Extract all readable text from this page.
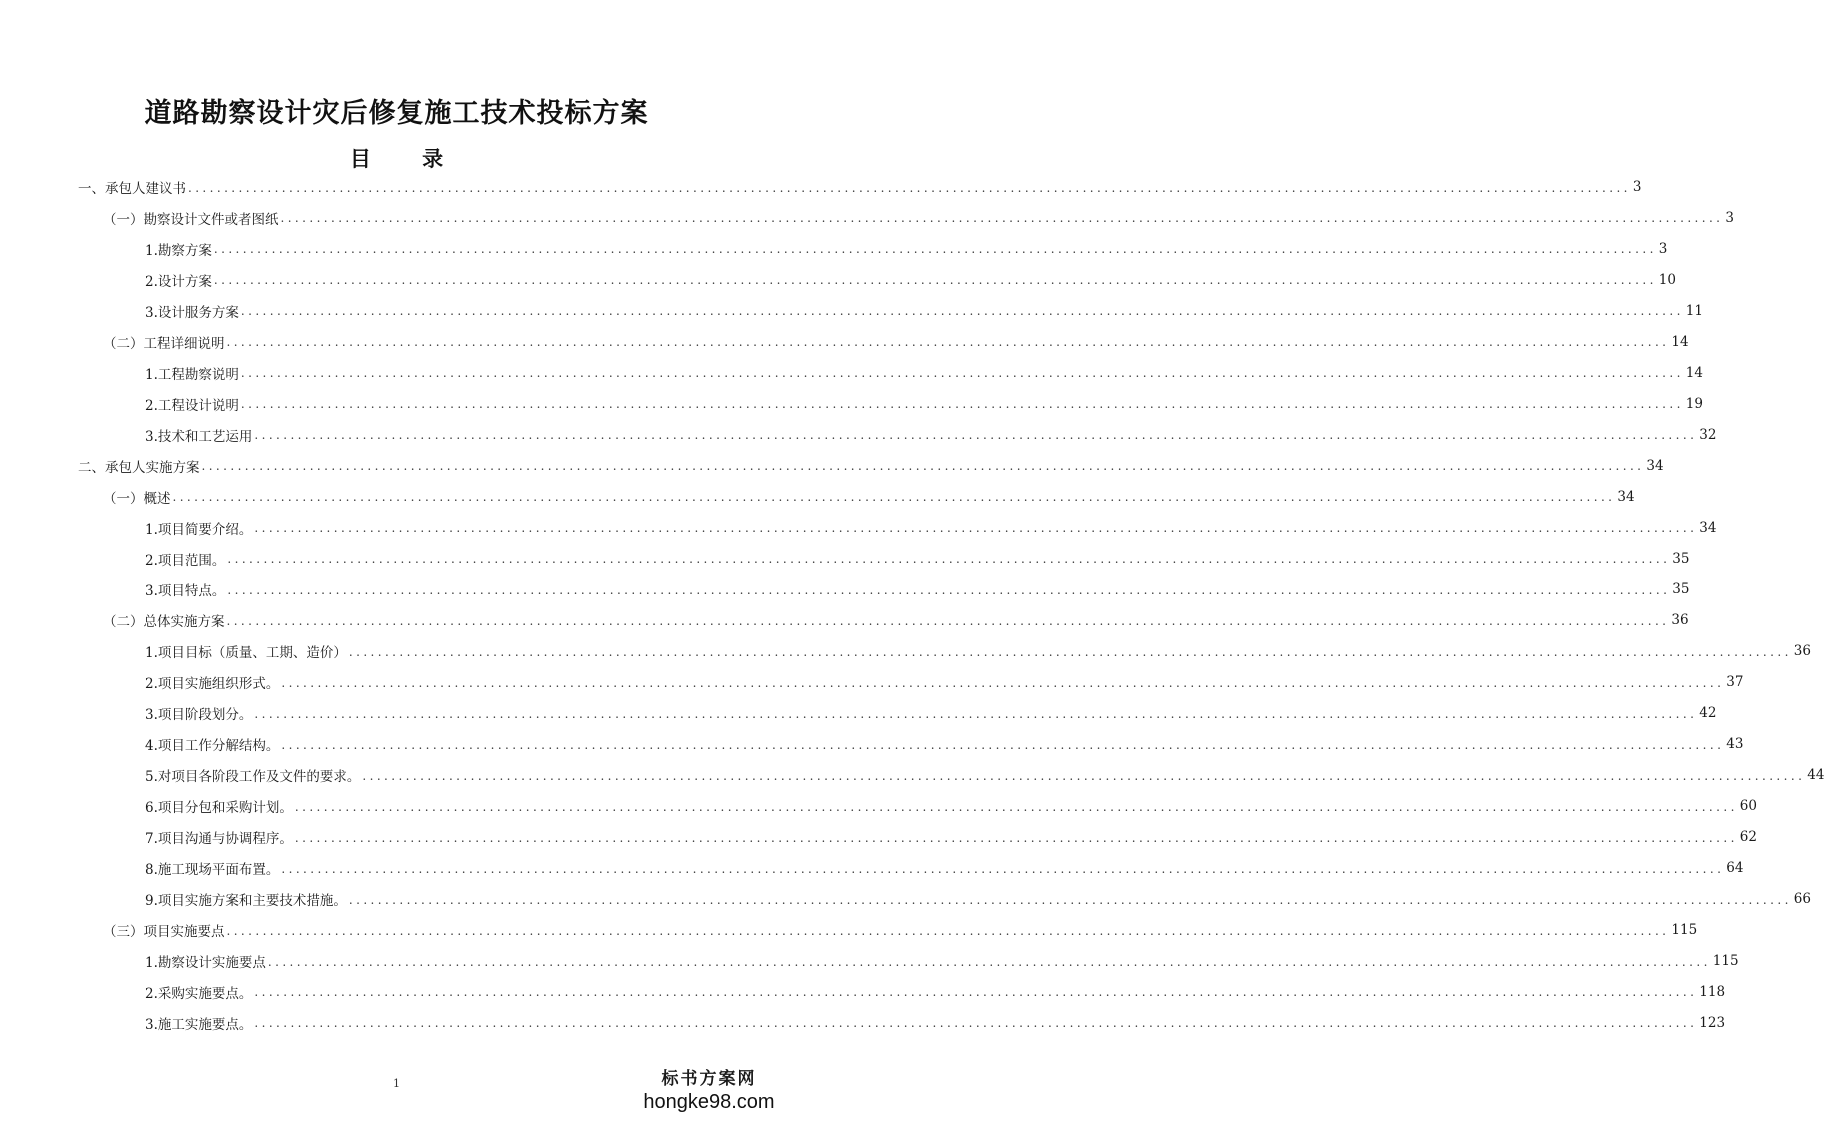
道路勘察设计灾后修复施工技术投标方案
目 录
一、承包人建议书 ........................................................................................................................................................................................................ 3
（一）勘察设计文件或者图纸 ........................................................................................................................................................................................................ 3
1.勘察方案 ........................................................................................................................................................................................................ 3
2.设计方案 ........................................................................................................................................................................................................ 10
3.设计服务方案 ........................................................................................................................................................................................................ 11
（二）工程详细说明 ........................................................................................................................................................................................................ 14
1.工程勘察说明 ........................................................................................................................................................................................................ 14
2.工程设计说明 ........................................................................................................................................................................................................ 19
3.技术和工艺运用 ........................................................................................................................................................................................................ 32
二、承包人实施方案 ........................................................................................................................................................................................................ 34
（一）概述 ........................................................................................................................................................................................................ 34
1.项目简要介绍。 ........................................................................................................................................................................................................ 34
2.项目范围。 ........................................................................................................................................................................................................ 35
3.项目特点。 ........................................................................................................................................................................................................ 35
（二）总体实施方案 ........................................................................................................................................................................................................ 36
1.项目目标（质量、工期、造价） ........................................................................................................................................................................................................ 36
2.项目实施组织形式。 ........................................................................................................................................................................................................ 37
3.项目阶段划分。 ........................................................................................................................................................................................................ 42
4.项目工作分解结构。 ........................................................................................................................................................................................................ 43
5.对项目各阶段工作及文件的要求。 ........................................................................................................................................................................................................ 44
6.项目分包和采购计划。 ........................................................................................................................................................................................................ 60
7.项目沟通与协调程序。 ........................................................................................................................................................................................................ 62
8.施工现场平面布置。 ........................................................................................................................................................................................................ 64
9.项目实施方案和主要技术措施。 ........................................................................................................................................................................................................ 66
（三）项目实施要点 ........................................................................................................................................................................................................ 115
1.勘察设计实施要点 ........................................................................................................................................................................................................ 115
2.采购实施要点。 ........................................................................................................................................................................................................ 118
3.施工实施要点。 ........................................................................................................................................................................................................ 123
1	标书方案网
hongke98.com
